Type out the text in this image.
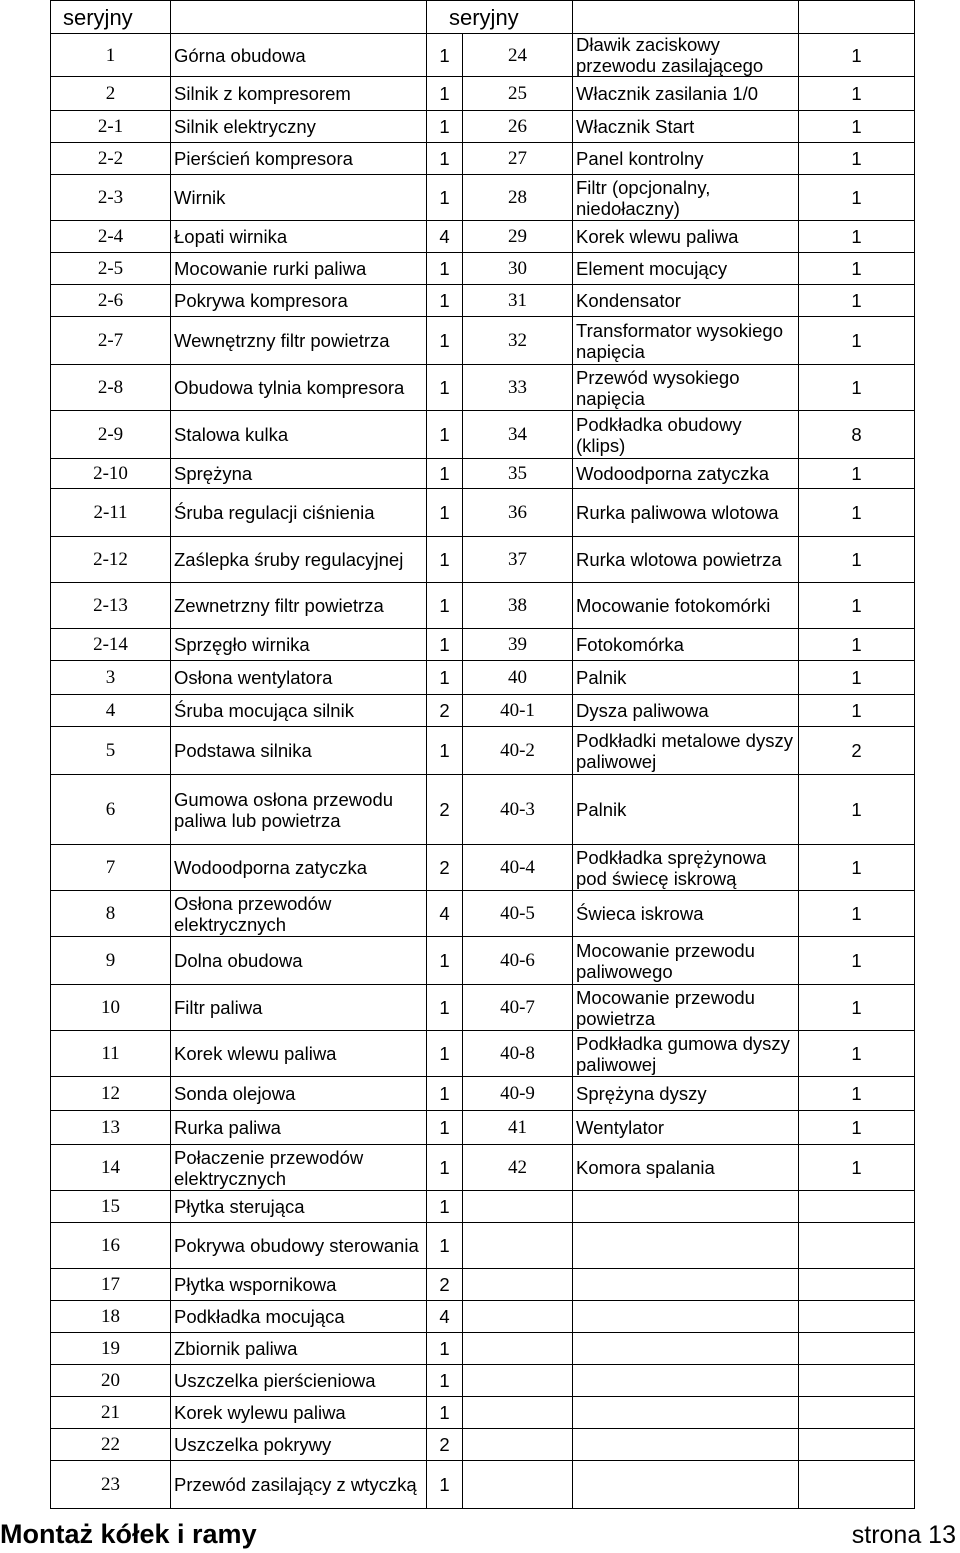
seryjny		seryjny			
1	Górna obudowa	1	24	Dławik zaciskowy przewodu zasilającego	1
2	Silnik z kompresorem	1	25	Włacznik zasilania 1/0	1
2-1	Silnik elektryczny	1	26	Włacznik Start	1
2-2	Pierścień kompresora	1	27	Panel kontrolny	1
2-3	Wirnik	1	28	Filtr (opcjonalny, niedołaczny)	1
2-4	Łopati wirnika	4	29	Korek wlewu paliwa	1
2-5	Mocowanie rurki paliwa	1	30	Element mocujący	1
2-6	Pokrywa kompresora	1	31	Kondensator	1
2-7	Wewnętrzny filtr powietrza	1	32	Transformator wysokiego napięcia	1
2-8	Obudowa tylnia kompresora	1	33	Przewód wysokiego napięcia	1
2-9	Stalowa kulka	1	34	Podkładka obudowy (klips)	8
2-10	Sprężyna	1	35	Wodoodporna zatyczka	1
2-11	Śruba regulacji ciśnienia	1	36	Rurka paliwowa wlotowa	1
2-12	Zaślepka śruby regulacyjnej	1	37	Rurka wlotowa powietrza	1
2-13	Zewnetrzny filtr powietrza	1	38	Mocowanie fotokomórki	1
2-14	Sprzęgło wirnika	1	39	Fotokomórka	1
3	Osłona wentylatora	1	40	Palnik	1
4	Śruba mocująca silnik	2	40-1	Dysza paliwowa	1
5	Podstawa silnika	1	40-2	Podkładki metalowe dyszy paliwowej	2
6	Gumowa osłona przewodu paliwa lub powietrza	2	40-3	Palnik	1
7	Wodoodporna zatyczka	2	40-4	Podkładka sprężynowa pod świecę iskrową	1
8	Osłona przewodów elektrycznych	4	40-5	Świeca iskrowa	1
9	Dolna obudowa	1	40-6	Mocowanie przewodu paliwowego	1
10	Filtr paliwa	1	40-7	Mocowanie przewodu powietrza	1
11	Korek wlewu paliwa	1	40-8	Podkładka gumowa dyszy paliwowej	1
12	Sonda olejowa	1	40-9	Sprężyna dyszy	1
13	Rurka paliwa	1	41	Wentylator	1
14	Połaczenie przewodów elektrycznych	1	42	Komora spalania	1
15	Płytka sterująca	1			
16	Pokrywa obudowy sterowania	1			
17	Płytka wspornikowa	2			
18	Podkładka mocująca	4			
19	Zbiornik paliwa	1			
20	Uszczelka pierścieniowa	1			
21	Korek wylewu paliwa	1			
22	Uszczelka pokrywy	2			
23	Przewód zasilający z wtyczką	1			
Montaż kółek i ramy	strona 13
